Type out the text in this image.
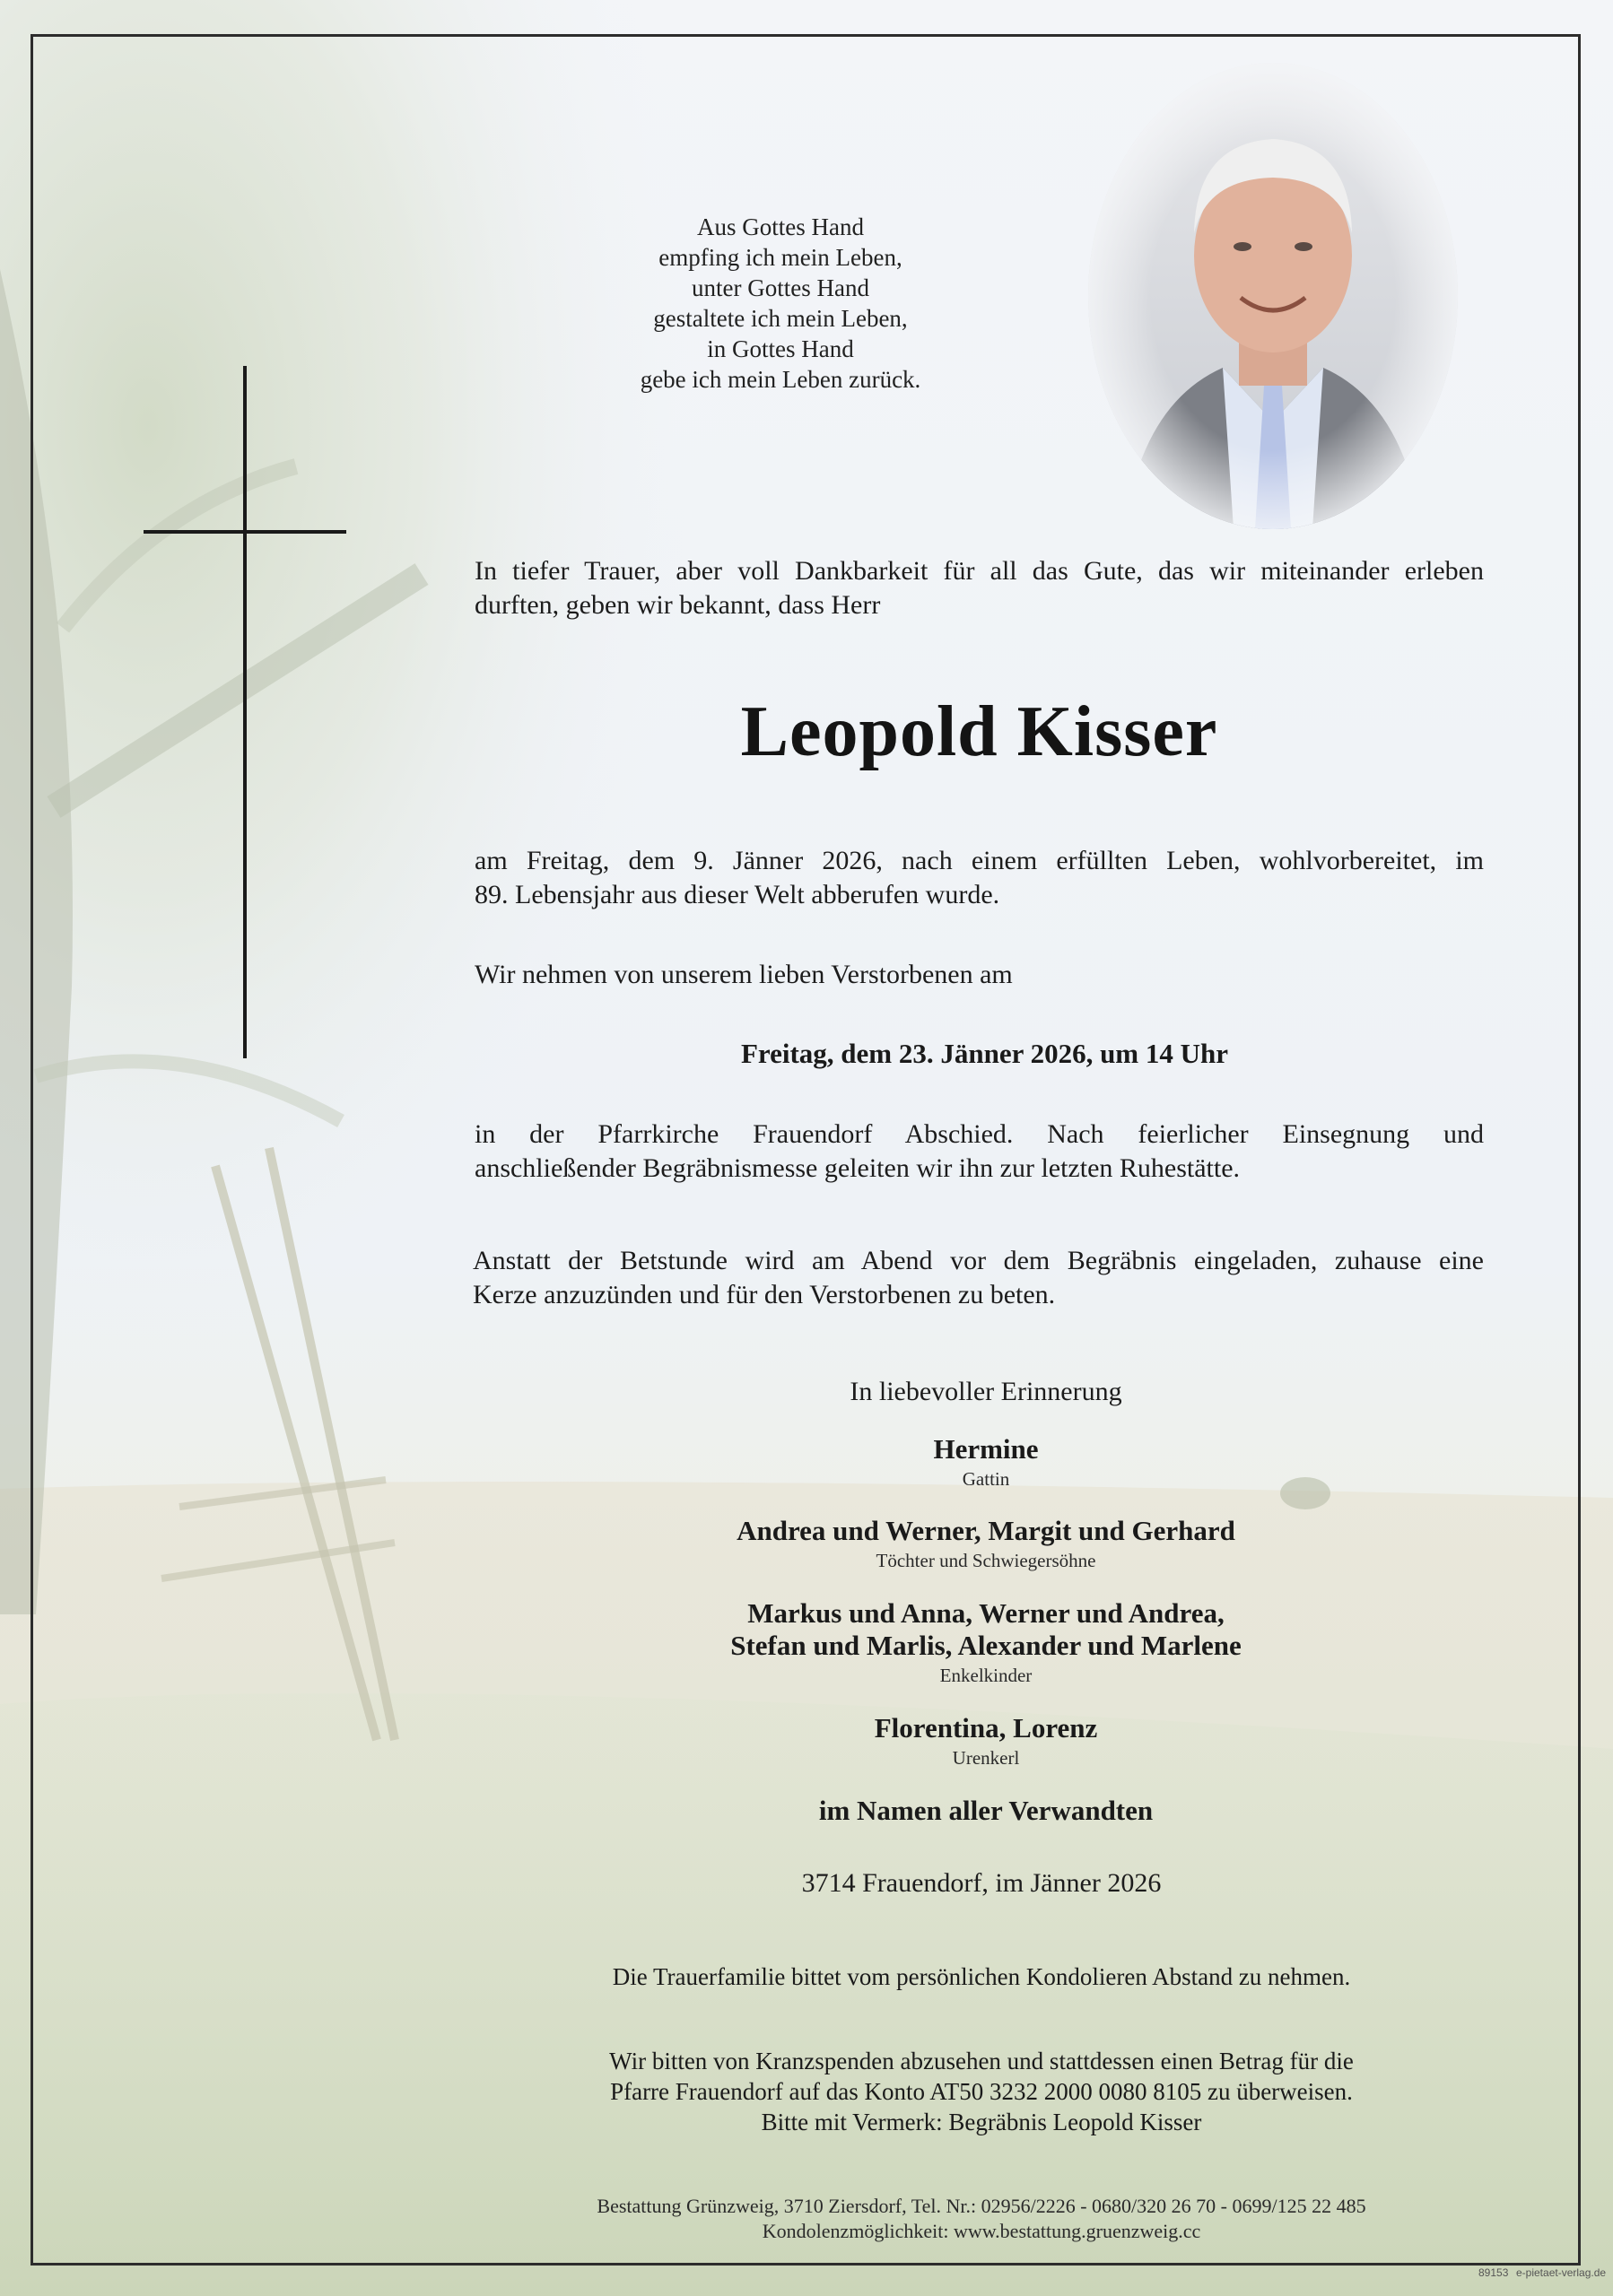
Aus Gottes Hand
empfing ich mein Leben,
unter Gottes Hand
gestaltete ich mein Leben,
in Gottes Hand
gebe ich mein Leben zurück.
In tiefer Trauer, aber voll Dankbarkeit für all das Gute, das wir miteinander erleben
durften, geben wir bekannt, dass Herr
Leopold Kisser
am Freitag, dem 9. Jänner 2026, nach einem erfüllten Leben, wohlvorbereitet, im
89. Lebensjahr aus dieser Welt abberufen wurde.
Wir nehmen von unserem lieben Verstorbenen am
Freitag, dem 23. Jänner 2026, um 14 Uhr
in der Pfarrkirche Frauendorf Abschied. Nach feierlicher Einsegnung und
anschließender Begräbnismesse geleiten wir ihn zur letzten Ruhestätte.
Anstatt der Betstunde wird am Abend vor dem Begräbnis eingeladen, zuhause eine
Kerze anzuzünden und für den Verstorbenen zu beten.
In liebevoller Erinnerung
Hermine
Gattin
Andrea und Werner, Margit und Gerhard
Töchter und Schwiegersöhne
Markus und Anna, Werner und Andrea,
Stefan und Marlis, Alexander und Marlene
Enkelkinder
Florentina, Lorenz
Urenkerl
im Namen aller Verwandten
3714 Frauendorf, im Jänner 2026
Die Trauerfamilie bittet vom persönlichen Kondolieren Abstand zu nehmen.
Wir bitten von Kranzspenden abzusehen und stattdessen einen Betrag für die
Pfarre Frauendorf auf das Konto AT50 3232 2000 0080 8105 zu überweisen.
Bitte mit Vermerk: Begräbnis Leopold Kisser
Bestattung Grünzweig, 3710 Ziersdorf, Tel. Nr.: 02956/2226 - 0680/320 26 70 - 0699/125 22 485
Kondolenzmöglichkeit: www.bestattung.gruenzweig.cc
89153 e-pietaet-verlag.de
